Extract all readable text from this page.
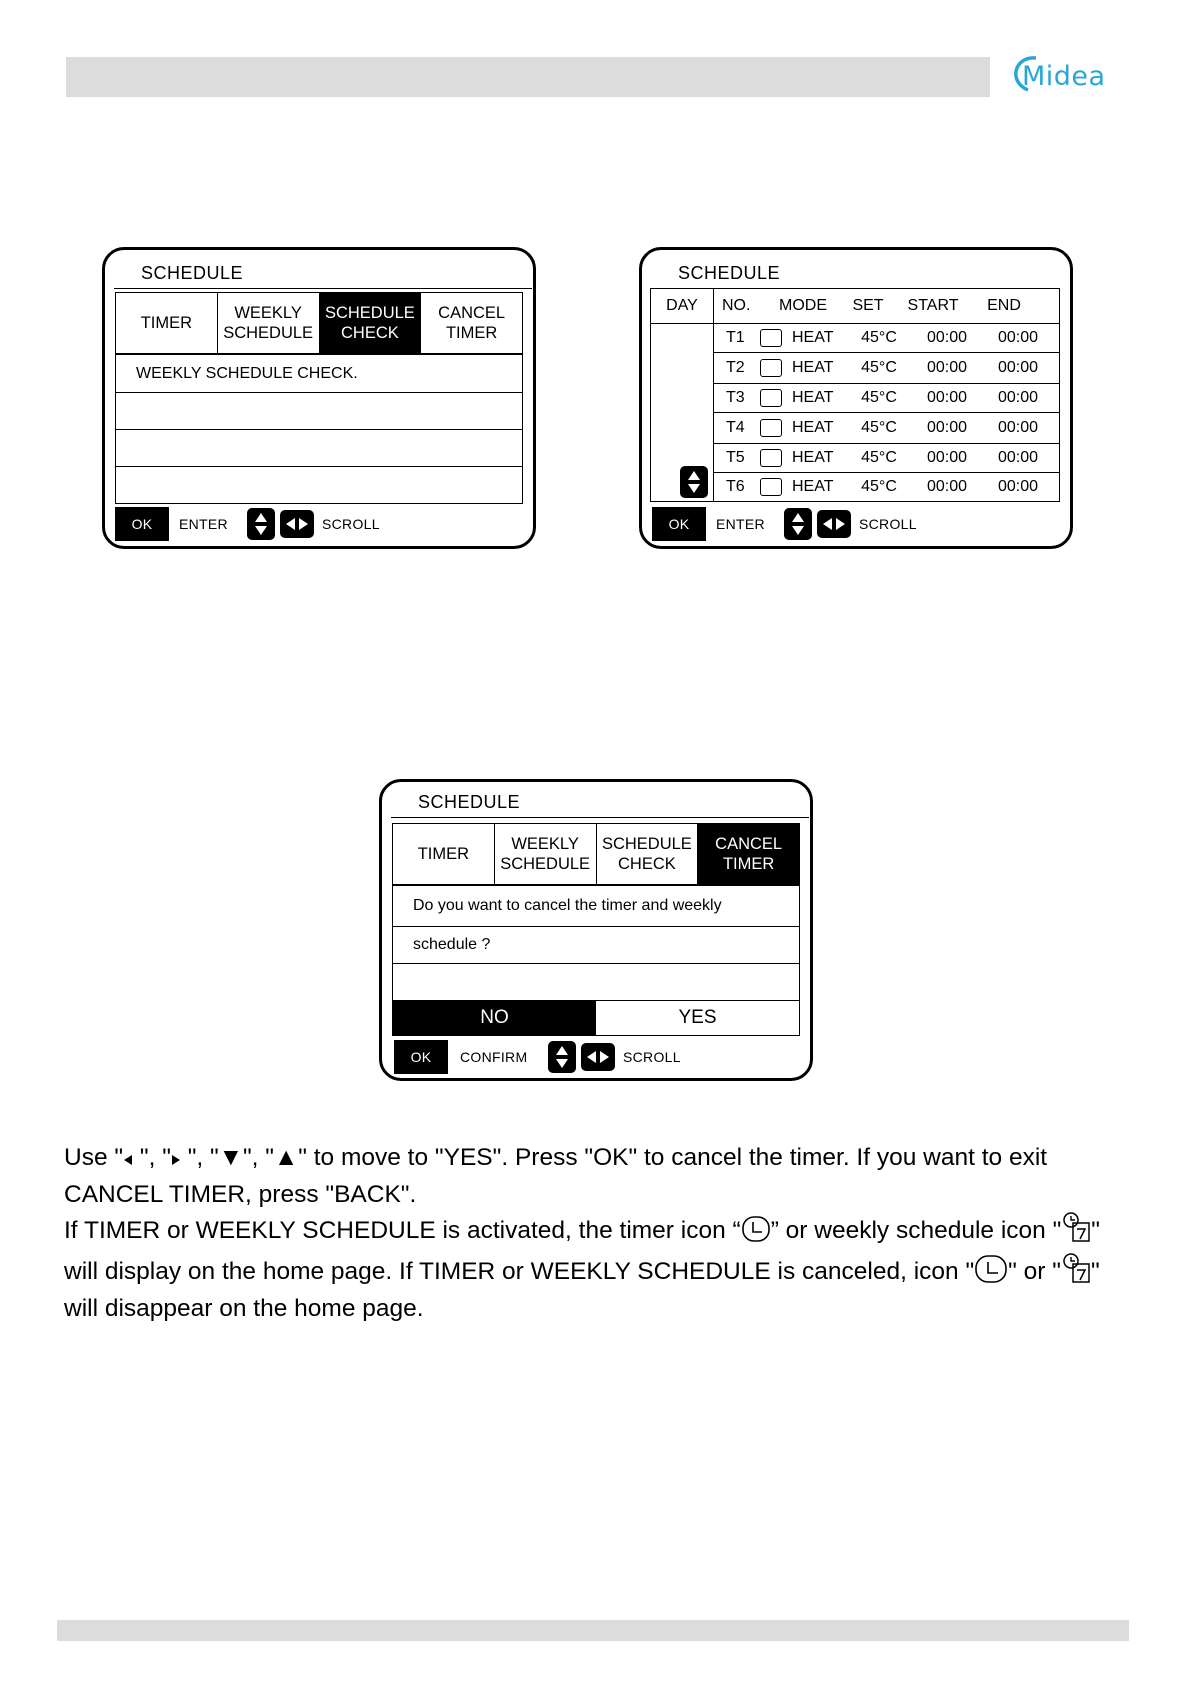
Midea
SCHEDULE
TIMER
WEEKLY
SCHEDULE
SCHEDULE
CHECK
CANCEL
TIMER
WEEKLY SCHEDULE CHECK.
OK	ENTER	SCROLL
SCHEDULE
DAY	NO. MODE SET START END

	T1 HEAT 45°C 00:00 00:00

	T2 HEAT 45°C 00:00 00:00

	T3 HEAT 45°C 00:00 00:00

	T4 HEAT 45°C 00:00 00:00

	T5 HEAT 45°C 00:00 00:00

	T6 HEAT 45°C 00:00 00:00
OK	ENTER	SCROLL
SCHEDULE
TIMER
WEEKLY
SCHEDULE
SCHEDULE
CHECK
CANCEL
TIMER
Do you want to cancel the timer and weekly
schedule ?
NO	YES
OK	CONFIRM	SCROLL

Use " ", " ", "▼", "▲" to move to "YES". Press "OK" to cancel the timer. If you want to exit CANCEL TIMER, press "BACK".

If TIMER or WEEKLY SCHEDULE is activated, the timer icon “ ” or weekly schedule icon " " will display on the home page. If TIMER or WEEKLY SCHEDULE is canceled, icon " " or " " will disappear on the home page.
